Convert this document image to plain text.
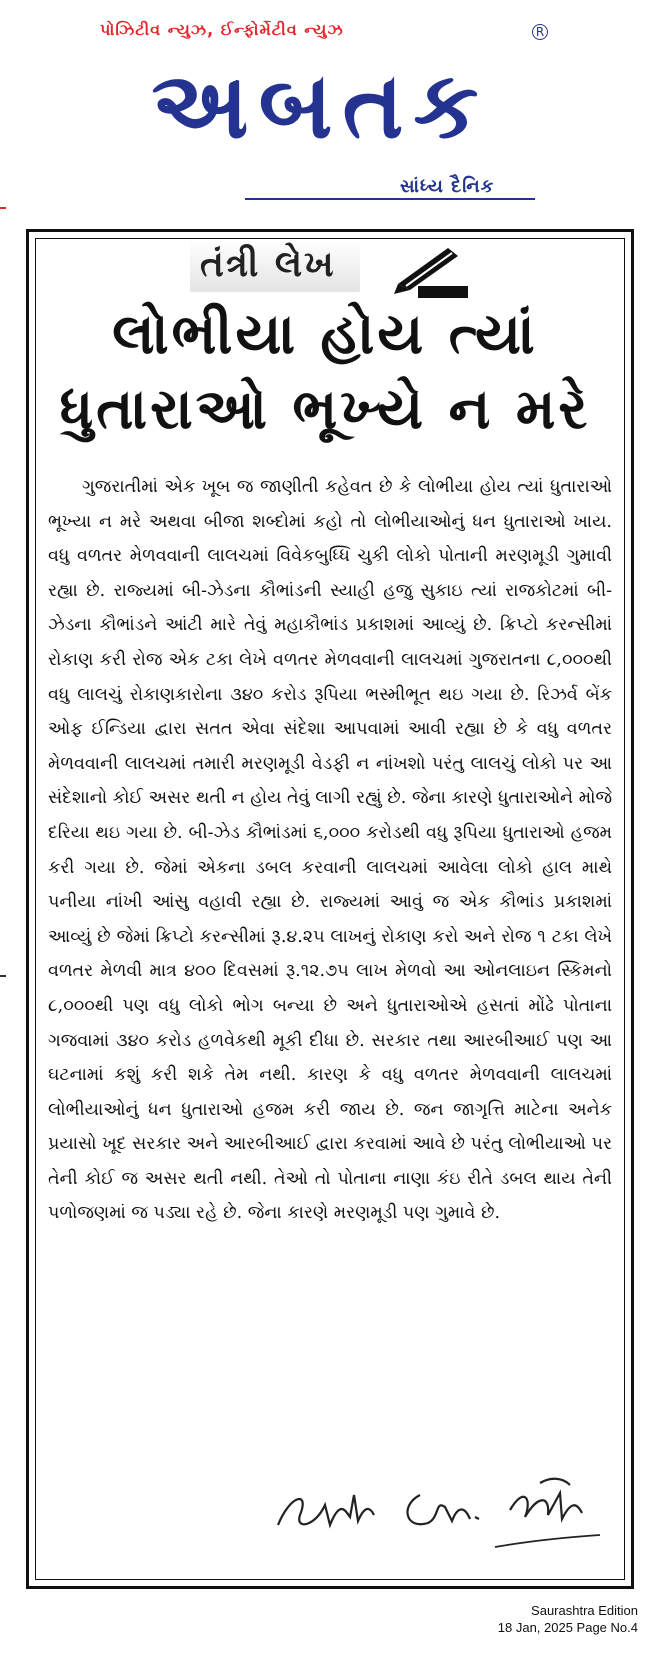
પોઝિટીવ ન્યુઝ, ઈન્ફોર્મેટીવ ન્યુઝ	R
અબતક
સાંધ્ય દૈનિક
તંત્રી લેખ
લોભીયા હોય ત્યાં
ધુતારાઓ ભૂખ્યે ન મરે
ગુજરાતીમાં એક ખૂબ જ જાણીતી કહેવત છે કે લોભીયા હોય ત્યાં ધુતારાઓ ભૂખ્યા ન મરે અથવા બીજા શબ્દોમાં કહો તો લોભીયાઓનું ધન ધુતારાઓ ખાય. વધુ વળતર મેળવવાની લાલચમાં વિવેકબુધ્ધિ ચુકી લોકો પોતાની મરણમૂડી ગુમાવી રહ્યા છે. રાજ્યમાં બી-ઝેડના કૌભાંડની સ્યાહી હજુ સુકાઇ ત્યાં રાજકોટમાં બી-ઝેડના કૌભાંડને આંટી મારે તેવું મહાકૌભાંડ પ્રકાશમાં આવ્યું છે. ક્રિપ્ટો કરન્સીમાં રોકાણ કરી રોજ એક ટકા લેખે વળતર મેળવવાની લાલચમાં ગુજરાતના ૮,૦૦૦થી વધુ લાલચું રોકાણકારોના ૩૪૦ કરોડ રૂપિયા ભસ્મીભૂત થઇ ગયા છે. રિઝર્વ બેંક ઓફ ઈન્ડિયા દ્વારા સતત એવા સંદેશા આપવામાં આવી રહ્યા છે કે વધુ વળતર મેળવવાની લાલચમાં તમારી મરણમૂડી વેડફી ન નાંખશો પરંતુ લાલચું લોકો પર આ સંદેશાનો કોઈ અસર થતી ન હોય તેવું લાગી રહ્યું છે. જેના કારણે ધુતારાઓને મોજે દરિયા થઇ ગયા છે. બી-ઝેડ કૌભાંડમાં ૬,૦૦૦ કરોડથી વધુ રૂપિયા ધુતારાઓ હજમ કરી ગયા છે. જેમાં એકના ડબલ કરવાની લાલચમાં આવેલા લોકો હાલ માથે પનીયા નાંખી આંસુ વહાવી રહ્યા છે. રાજ્યમાં આવું જ એક કૌભાંડ પ્રકાશમાં આવ્યું છે જેમાં ક્રિપ્ટો કરન્સીમાં રૂ.૪.૨૫ લાખનું રોકાણ કરો અને રોજ ૧ ટકા લેખે વળતર મેળવી માત્ર ૪૦૦ દિવસમાં રૂ.૧૨.૭૫ લાખ મેળવો આ ઓનલાઇન સ્કિમનો ૮,૦૦૦થી પણ વધુ લોકો ભોગ બન્યા છે અને ધુતારાઓએ હસતાં મોંઢે પોતાના ગજવામાં ૩૪૦ કરોડ હળવેકથી મૂકી દીધા છે. સરકાર તથા આરબીઆઈ પણ આ ઘટનામાં કશું કરી શકે તેમ નથી. કારણ કે વધુ વળતર મેળવવાની લાલચમાં લોભીયાઓનું ધન ધુતારાઓ હજમ કરી જાય છે. જન જાગૃત્તિ માટેના અનેક પ્રયાસો ખૂદ સરકાર અને આરબીઆઈ દ્વારા કરવામાં આવે છે પરંતુ લોભીયાઓ પર તેની કોઈ જ અસર થતી નથી. તેઓ તો પોતાના નાણા કંઇ રીતે ડબલ થાય તેની પળોજણમાં જ પડ્યા રહે છે. જેના કારણે મરણમૂડી પણ ગુમાવે છે.
Saurashtra Edition
18 Jan, 2025 Page No.4
